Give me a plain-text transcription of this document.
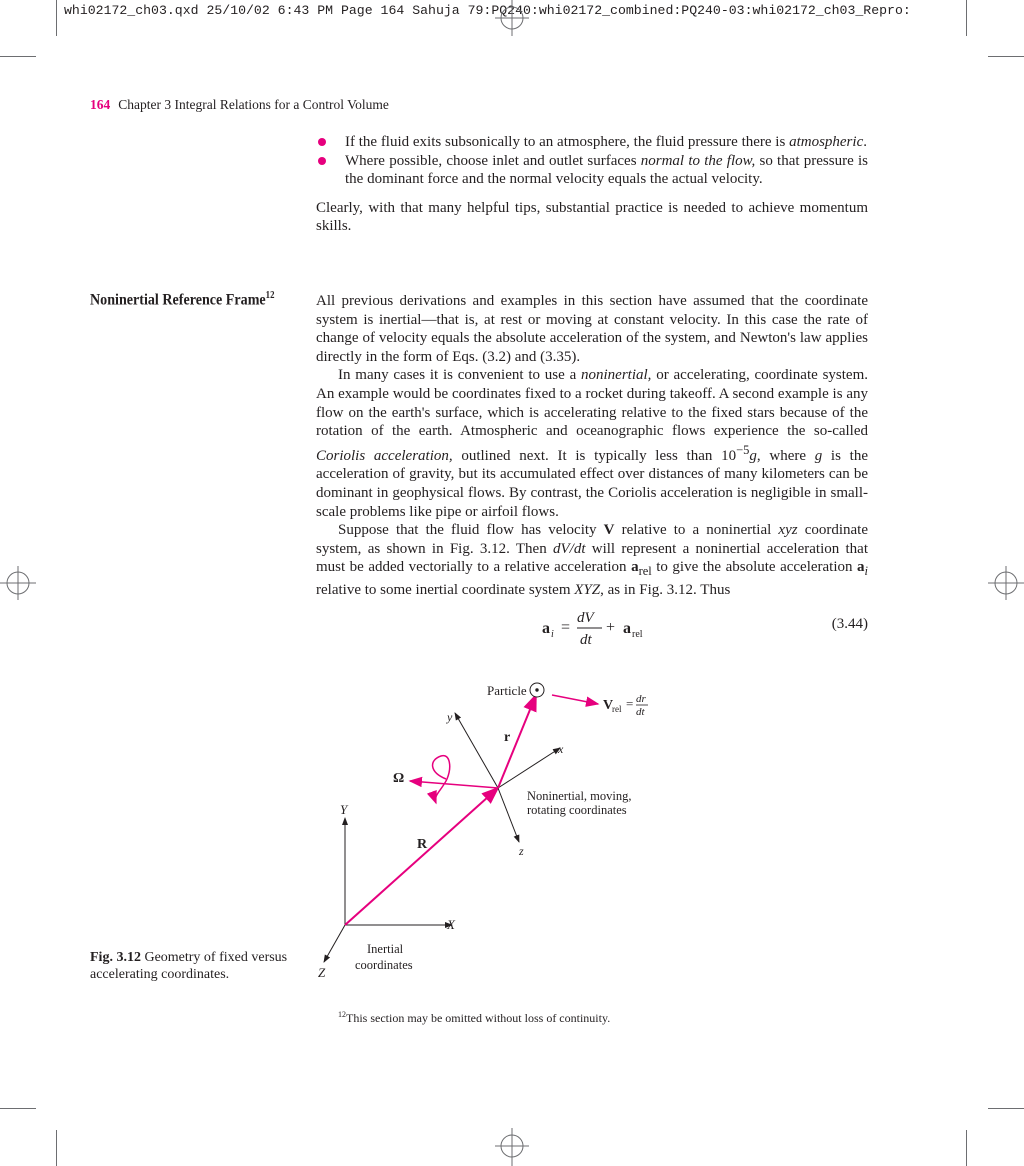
whi02172_ch03.qxd 25/10/02 6:43 PM Page 164 Sahuja 79:PQ240:whi02172_combined:PQ240-03:whi02172_ch03_Repro:
164 Chapter 3 Integral Relations for a Control Volume

If the fluid exits subsonically to an atmosphere, the fluid pressure there is atmospheric.

Where possible, choose inlet and outlet surfaces normal to the flow, so that pressure is the dominant force and the normal velocity equals the actual velocity.

Clearly, with that many helpful tips, substantial practice is needed to achieve momentum skills.

Noninertial Reference Frame$^{12}$	All previous derivations and examples in this section have assumed that the coordinate system is inertial—that is, at rest or moving at constant velocity. In this case the rate of change of velocity equals the absolute acceleration of the system, and Newton's law applies directly in the form of Eqs. (3.2) and (3.35).

In many cases it is convenient to use a noninertial, or accelerating, coordinate system. An example would be coordinates fixed to a rocket during takeoff. A second example is any flow on the earth's surface, which is accelerating relative to the fixed stars because of the rotation of the earth. Atmospheric and oceanographic flows experience the so-called Coriolis acceleration, outlined next. It is typically less than $10^{-5}g$, where g is the acceleration of gravity, but its accumulated effect over distances of many kilometers can be dominant in geophysical flows. By contrast, the Coriolis acceleration is negligible in small-scale problems like pipe or airfoil flows.

Suppose that the fluid flow has velocity V relative to a noninertial xyz coordinate system, as shown in Fig. 3.12. Then dV/dt will represent a noninertial acceleration that must be added vectorially to a relative acceleration $a_{rel}$ to give the absolute acceleration $a_i$ relative to some inertial coordinate system XYZ, as in Fig. 3.12. Thus

a i =
dV
dt
+ a rel
(3.44)
Particle
V
rel = dr
dt
r
x
y
z
Ω
R
X
Y
Z
Noninertial, moving,
rotating coordinates
Inertial
coordinates
Fig. 3.12 Geometry of fixed versus accelerating coordinates.
$^{12}$This section may be omitted without loss of continuity.
